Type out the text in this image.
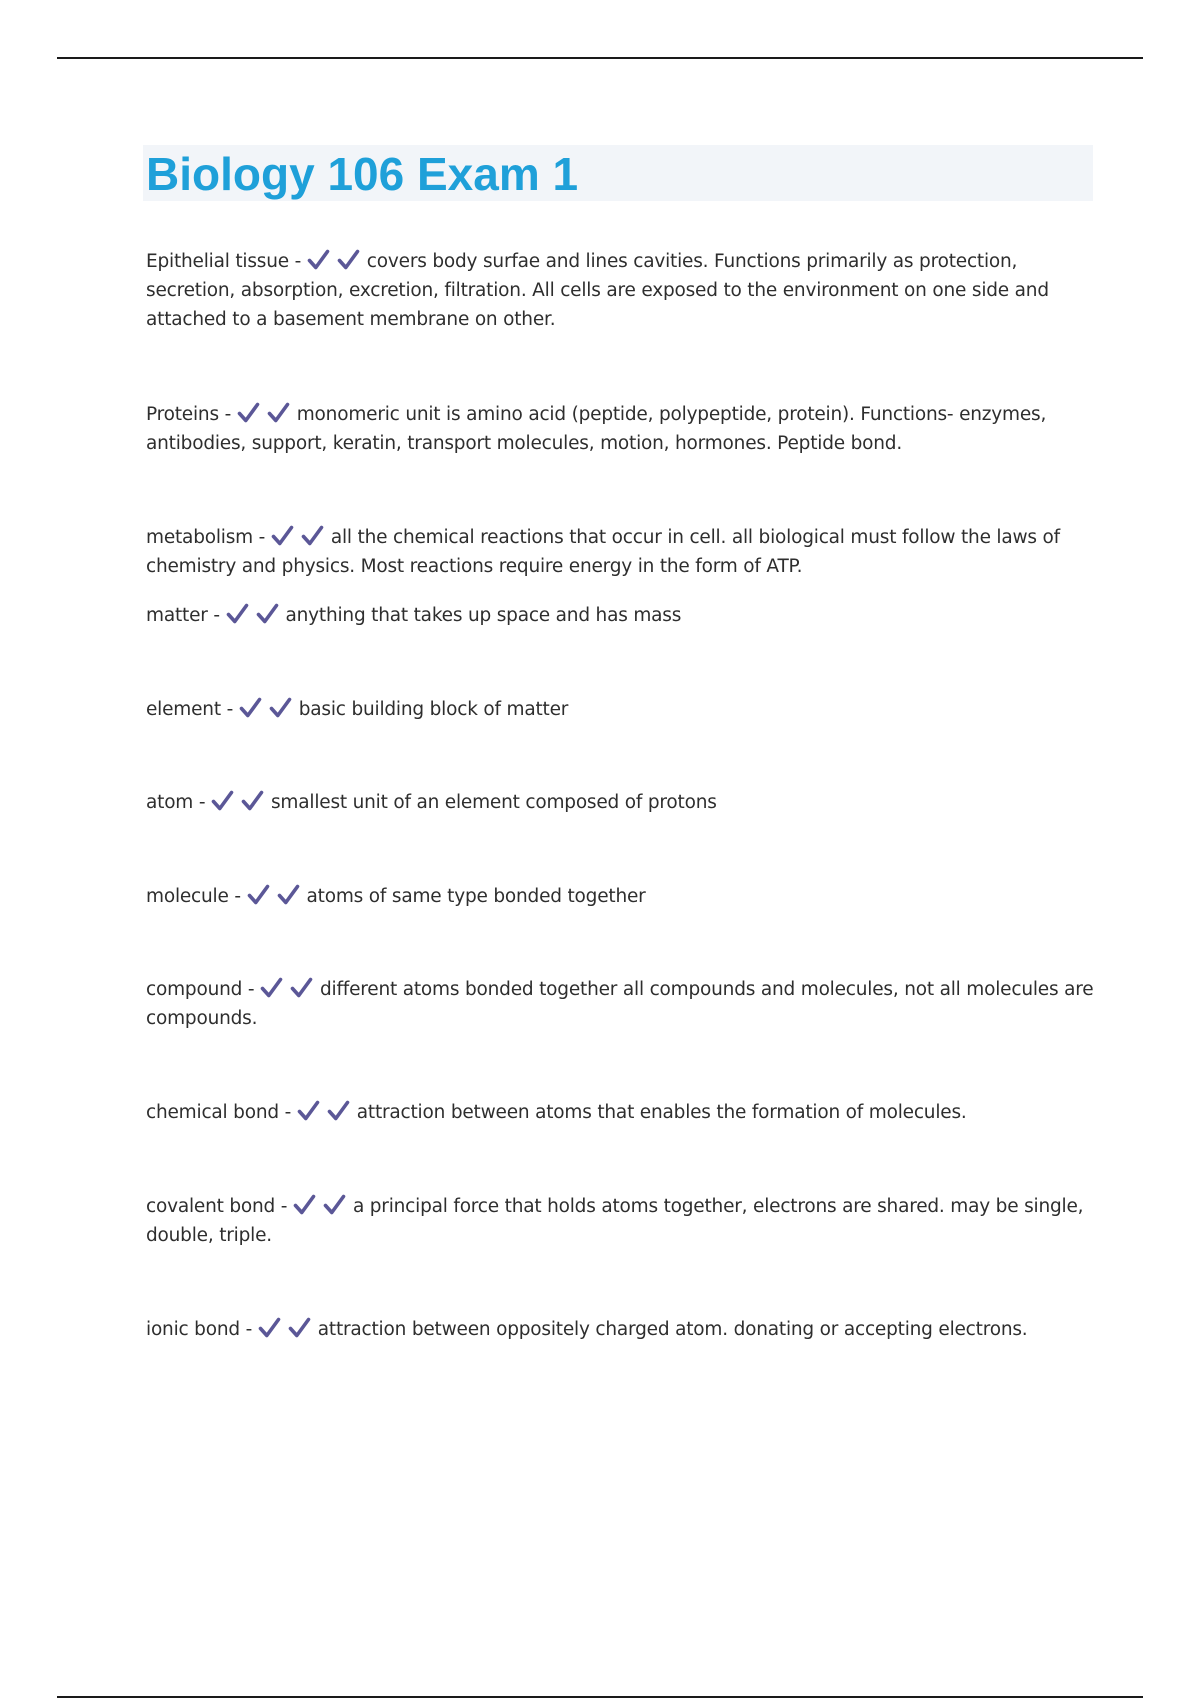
Biology 106 Exam 1
Epithelial tissue -	covers body surfae and lines cavities. Functions primarily as protection, secretion, absorption, excretion, filtration. All cells are exposed to the environment on one side and attached to a basement membrane on other.
Proteins -	monomeric unit is amino acid (peptide, polypeptide, protein). Functions- enzymes, antibodies, support, keratin, transport molecules, motion, hormones. Peptide bond.
metabolism -	all the chemical reactions that occur in cell. all biological must follow the laws of chemistry and physics. Most reactions require energy in the form of ATP.
matter -	anything that takes up space and has mass
element -	basic building block of matter
atom -	smallest unit of an element composed of protons
molecule -	atoms of same type bonded together
compound -	different atoms bonded together all compounds and molecules, not all molecules are compounds.
chemical bond -	attraction between atoms that enables the formation of molecules.
covalent bond -	a principal force that holds atoms together, electrons are shared. may be single, double, triple.
ionic bond -	attraction between oppositely charged atom. donating or accepting electrons.
